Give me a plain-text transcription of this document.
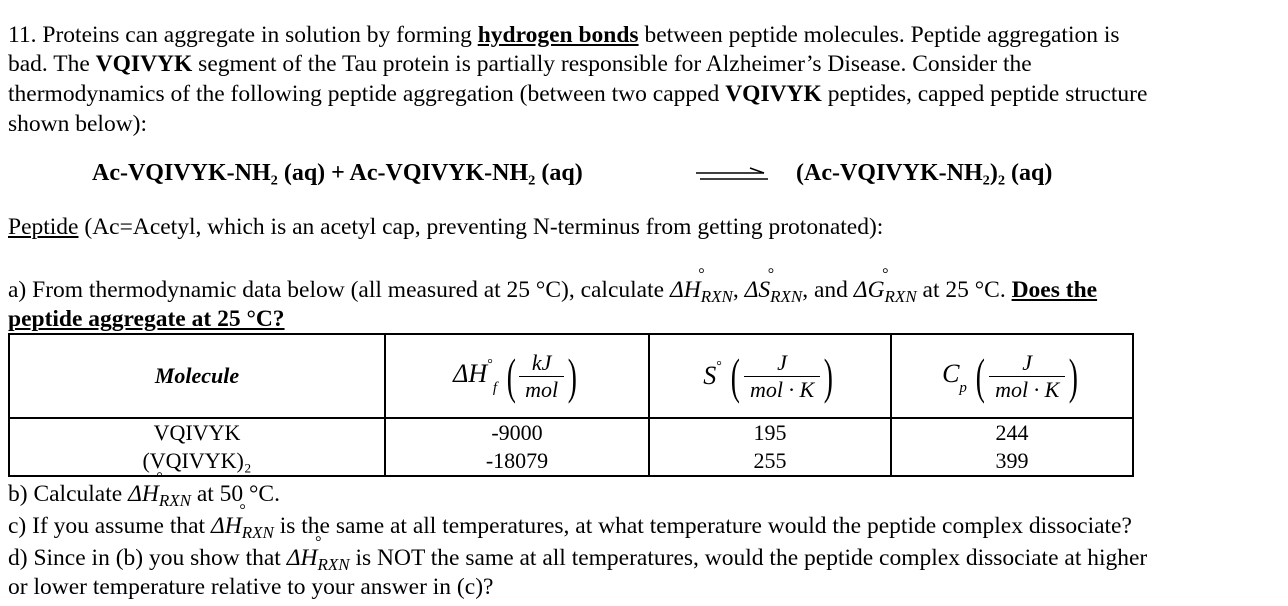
11. Proteins can aggregate in solution by forming hydrogen bonds between peptide molecules. Peptide aggregation is
bad. The VQIVYK segment of the Tau protein is partially responsible for Alzheimer’s Disease. Consider the
thermodynamics of the following peptide aggregation (between two capped VQIVYK peptides, capped peptide structure
shown below):
Ac-VQIVYK-NH₂ (aq) + Ac-VQIVYK-NH₂ (aq)	(Ac-VQIVYK-NH₂)₂ (aq)
Peptide (Ac=Acetyl, which is an acetyl cap, preventing N-terminus from getting protonated):
a) From thermodynamic data below (all measured at 25 °C), calculate ° $\Delta H_{RXN}$, ° $\Delta S_{RXN}$, and ° $\Delta G_{RXN}$ at 25 °C. Does the
peptide aggregate at 25 °C?
Molecule	$\Delta H^\circ_f$ ( $\frac{kJ}{\text{mol}}$ )	S° ( $\frac{J}{\text{mol · K}}$ )	$C_p$ ( $\frac{J}{\text{mol · K}}$ )
VQIVYK	-9000	195	244
(VQIVYK)₂	-18079	255	399
b) Calculate ° $\Delta H_{RXN}$ at 50 °C.
c) If you assume that ° $\Delta H_{RXN}$ is the same at all temperatures, at what temperature would the peptide complex dissociate?
d) Since in (b) you show that ° $\Delta H_{RXN}$ is NOT the same at all temperatures, would the peptide complex dissociate at higher
or lower temperature relative to your answer in (c)?
